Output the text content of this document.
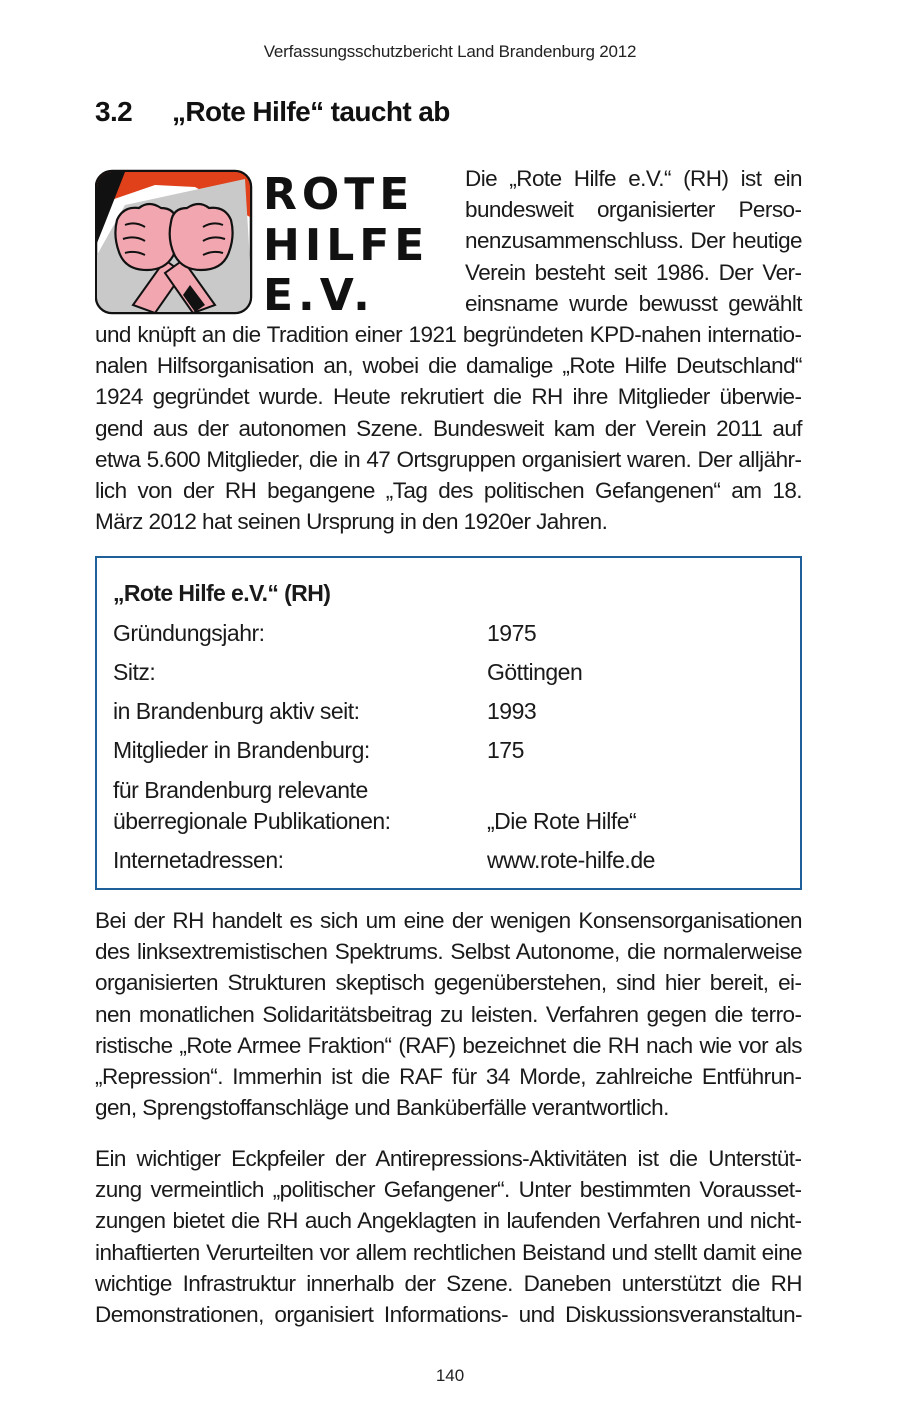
Verfassungsschutzbericht Land Brandenburg 2012
3.2 „Rote Hilfe“ taucht ab
ROTE
HILFE
E.V.

Die „Rote Hilfe e.V.“ (RH) ist ein bundesweit organisierter Personenzusammenschluss. Der heutige Verein besteht seit 1986. Der Vereinsname wurde bewusst gewählt und knüpft an die Tradition einer 1921 begründeten KPD-nahen internationalen Hilfsorganisation an, wobei die damalige „Rote Hilfe Deutschland“ 1924 gegründet wurde. Heute rekrutiert die RH ihre Mitglieder überwiegend aus der autonomen Szene. Bundesweit kam der Verein 2011 auf etwa 5.600 Mitglieder, die in 47 Ortsgruppen organisiert waren. Der alljährlich von der RH begangene „Tag des politischen Gefangenen“ am 18. März 2012 hat seinen Ursprung in den 1920er Jahren.

„Rote Hilfe e.V.“ (RH)
Gründungsjahr:	1975
Sitz:	Göttingen
in Brandenburg aktiv seit:	1993
Mitglieder in Brandenburg:	175
für Brandenburg relevante überregionale Publikationen:	„Die Rote Hilfe“
Internetadressen:	www.rote-hilfe.de

Bei der RH handelt es sich um eine der wenigen Konsensorganisationen des linksextremistischen Spektrums. Selbst Autonome, die normalerweise organisierten Strukturen skeptisch gegenüberstehen, sind hier bereit, einen monatlichen Solidaritätsbeitrag zu leisten. Verfahren gegen die terroristische „Rote Armee Fraktion“ (RAF) bezeichnet die RH nach wie vor als „Repression“. Immerhin ist die RAF für 34 Morde, zahlreiche Entführungen, Sprengstoffanschläge und Banküberfälle verantwortlich.

Ein wichtiger Eckpfeiler der Antirepressions-Aktivitäten ist die Unterstützung vermeintlich „politischer Gefangener“. Unter bestimmten Voraussetzungen bietet die RH auch Angeklagten in laufenden Verfahren und nichtinhaftierten Verurteilten vor allem rechtlichen Beistand und stellt damit eine wichtige Infrastruktur innerhalb der Szene. Daneben unterstützt die RH Demonstrationen, organisiert Informations- und Diskussionsveranstaltun-

140
